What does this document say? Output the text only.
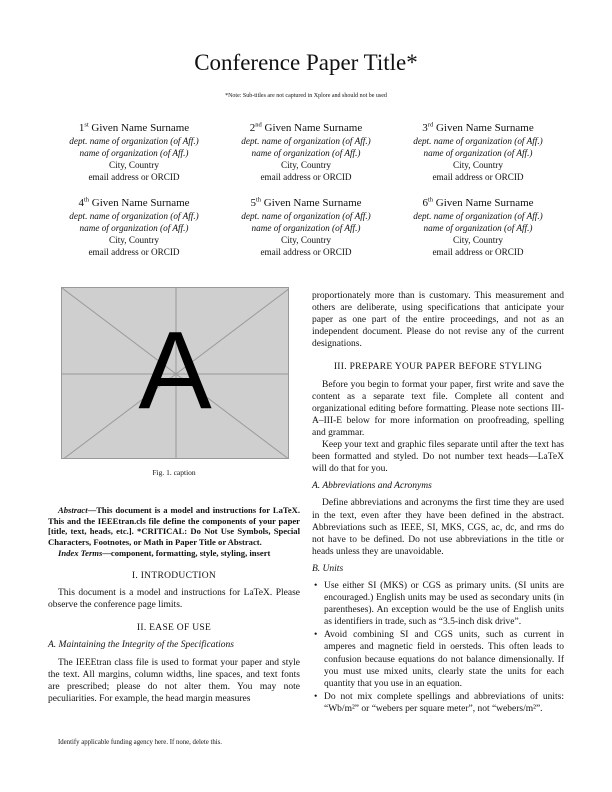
Conference Paper Title*
*Note: Sub-titles are not captured in Xplore and should not be used
1st Given Name Surname
dept. name of organization (of Aff.)
name of organization (of Aff.)
City, Country
email address or ORCID
2nd Given Name Surname
dept. name of organization (of Aff.)
name of organization (of Aff.)
City, Country
email address or ORCID
3rd Given Name Surname
dept. name of organization (of Aff.)
name of organization (of Aff.)
City, Country
email address or ORCID
4th Given Name Surname
dept. name of organization (of Aff.)
name of organization (of Aff.)
City, Country
email address or ORCID
5th Given Name Surname
dept. name of organization (of Aff.)
name of organization (of Aff.)
City, Country
email address or ORCID
6th Given Name Surname
dept. name of organization (of Aff.)
name of organization (of Aff.)
City, Country
email address or ORCID
A
Fig. 1. caption
Abstract—This document is a model and instructions for LaTeX. This and the IEEEtran.cls file define the components of your paper [title, text, heads, etc.]. *CRITICAL: Do Not Use Symbols, Special Characters, Footnotes, or Math in Paper Title or Abstract.
Index Terms—component, formatting, style, styling, insert
I. INTRODUCTION
This document is a model and instructions for LaTeX. Please observe the conference page limits.
II. EASE OF USE
A. Maintaining the Integrity of the Specifications
The IEEEtran class file is used to format your paper and style the text. All margins, column widths, line spaces, and text fonts are prescribed; please do not alter them. You may note peculiarities. For example, the head margin measures
Identify applicable funding agency here. If none, delete this.
proportionately more than is customary. This measurement and others are deliberate, using specifications that anticipate your paper as one part of the entire proceedings, and not as an independent document. Please do not revise any of the current designations.
III. PREPARE YOUR PAPER BEFORE STYLING
Before you begin to format your paper, first write and save the content as a separate text file. Complete all content and organizational editing before formatting. Please note sections III-A–III-E below for more information on proofreading, spelling and grammar.
Keep your text and graphic files separate until after the text has been formatted and styled. Do not number text heads—LaTeX will do that for you.
A. Abbreviations and Acronyms
Define abbreviations and acronyms the first time they are used in the text, even after they have been defined in the abstract. Abbreviations such as IEEE, SI, MKS, CGS, ac, dc, and rms do not have to be defined. Do not use abbreviations in the title or heads unless they are unavoidable.
B. Units
• Use either SI (MKS) or CGS as primary units. (SI units are encouraged.) English units may be used as secondary units (in parentheses). An exception would be the use of English units as identifiers in trade, such as “3.5-inch disk drive”.
• Avoid combining SI and CGS units, such as current in amperes and magnetic field in oersteds. This often leads to confusion because equations do not balance dimensionally. If you must use mixed units, clearly state the units for each quantity that you use in an equation.
• Do not mix complete spellings and abbreviations of units: “Wb/m²” or “webers per square meter”, not “webers/m²”.
